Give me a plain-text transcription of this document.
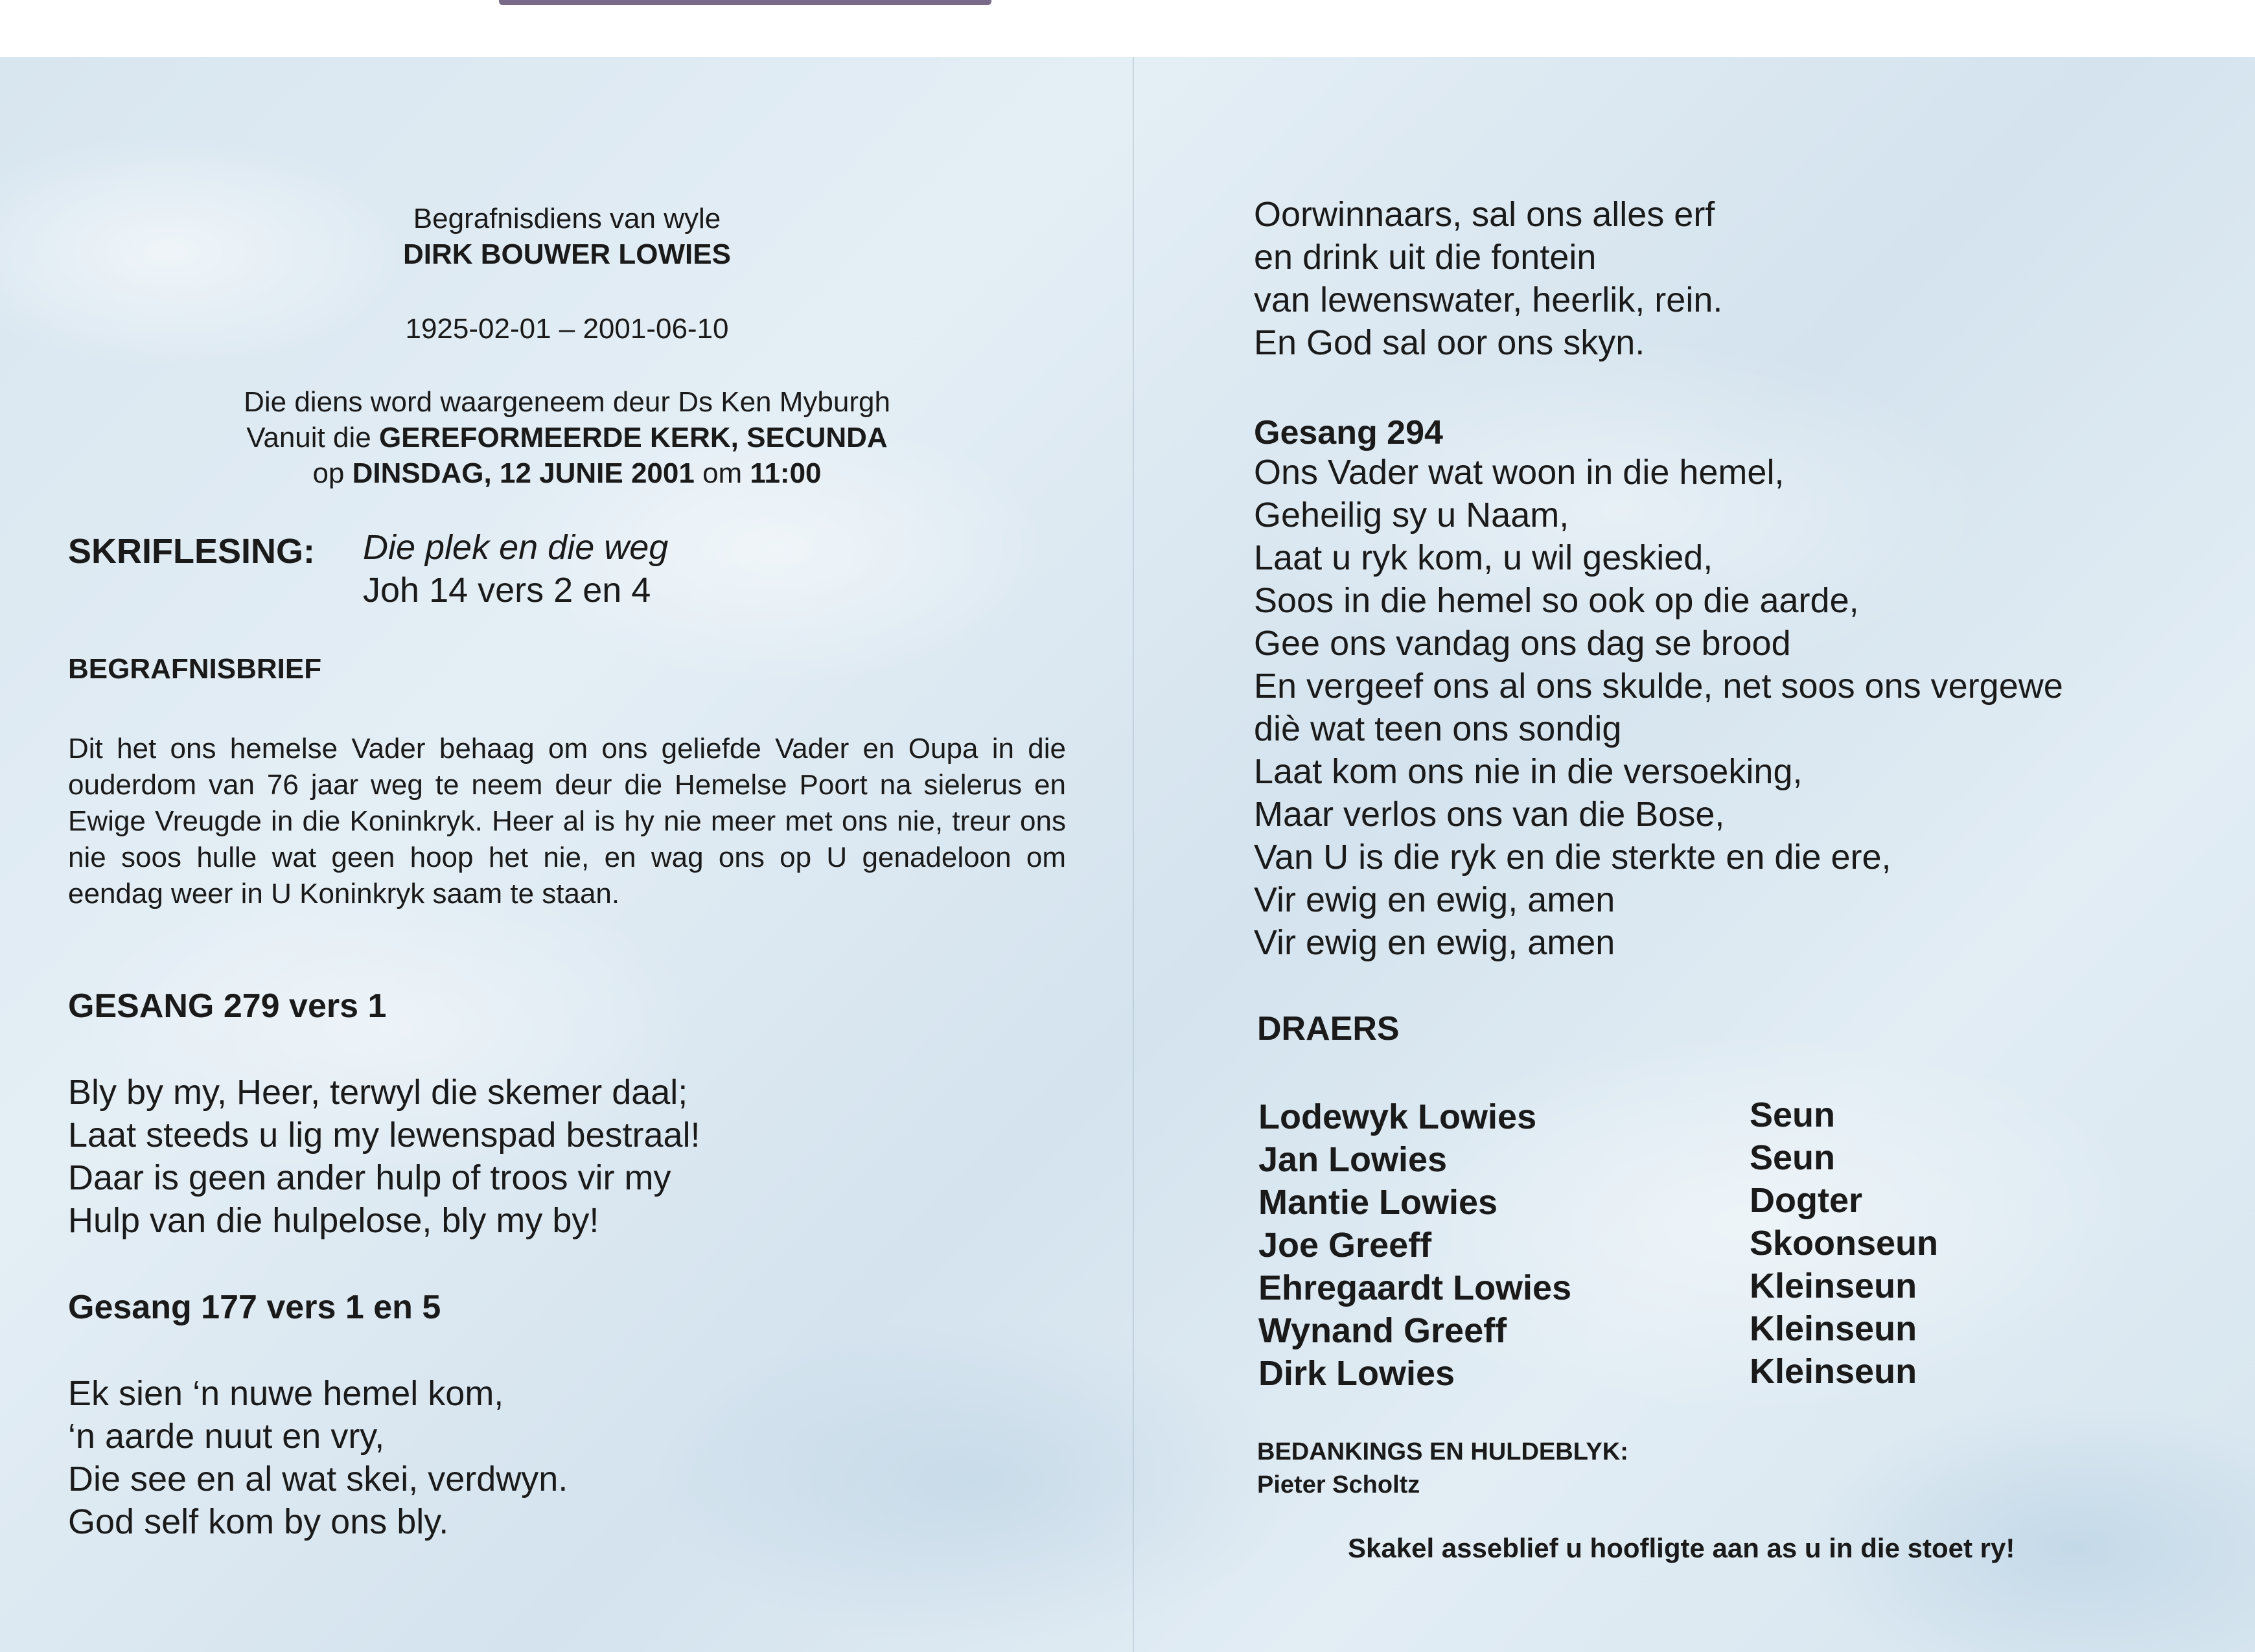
Begrafnisdiens van wyle
DIRK BOUWER LOWIES
1925-02-01 – 2001-06-10
Die diens word waargeneem deur Ds Ken Myburgh
Vanuit die GEREFORMEERDE KERK, SECUNDA
op DINSDAG, 12 JUNIE 2001 om 11:00
SKRIFLESING: Die plek en die weg
Joh 14 vers 2 en 4
BEGRAFNISBRIEF
Dit het ons hemelse Vader behaag om ons geliefde Vader en Oupa in die ouderdom van 76 jaar weg te neem deur die Hemelse Poort na sielerus en Ewige Vreugde in die Koninkryk. Heer al is hy nie meer met ons nie, treur ons nie soos hulle wat geen hoop het nie, en wag ons op U genadeloon om eendag weer in U Koninkryk saam te staan.
GESANG 279 vers 1
Bly by my, Heer, terwyl die skemer daal;
Laat steeds u lig my lewenspad bestraal!
Daar is geen ander hulp of troos vir my
Hulp van die hulpelose, bly my by!
Gesang 177 vers 1 en 5
Ek sien ‘n nuwe hemel kom,
‘n aarde nuut en vry,
Die see en al wat skei, verdwyn.
God self kom by ons bly.
Oorwinnaars, sal ons alles erf
en drink uit die fontein
van lewenswater, heerlik, rein.
En God sal oor ons skyn.
Gesang 294
Ons Vader wat woon in die hemel,
Geheilig sy u Naam,
Laat u ryk kom, u wil geskied,
Soos in die hemel so ook op die aarde,
Gee ons vandag ons dag se brood
En vergeef ons al ons skulde, net soos ons vergewe
diè wat teen ons sondig
Laat kom ons nie in die versoeking,
Maar verlos ons van die Bose,
Van U is die ryk en die sterkte en die ere,
Vir ewig en ewig, amen
Vir ewig en ewig, amen
DRAERS
Lodewyk Lowies
Jan Lowies
Mantie Lowies
Joe Greeff
Ehregaardt Lowies
Wynand Greeff
Dirk Lowies
Seun
Seun
Dogter
Skoonseun
Kleinseun
Kleinseun
Kleinseun
BEDANKINGS EN HULDEBLYK:
Pieter Scholtz
Skakel asseblief u hoofligte aan as u in die stoet ry!
